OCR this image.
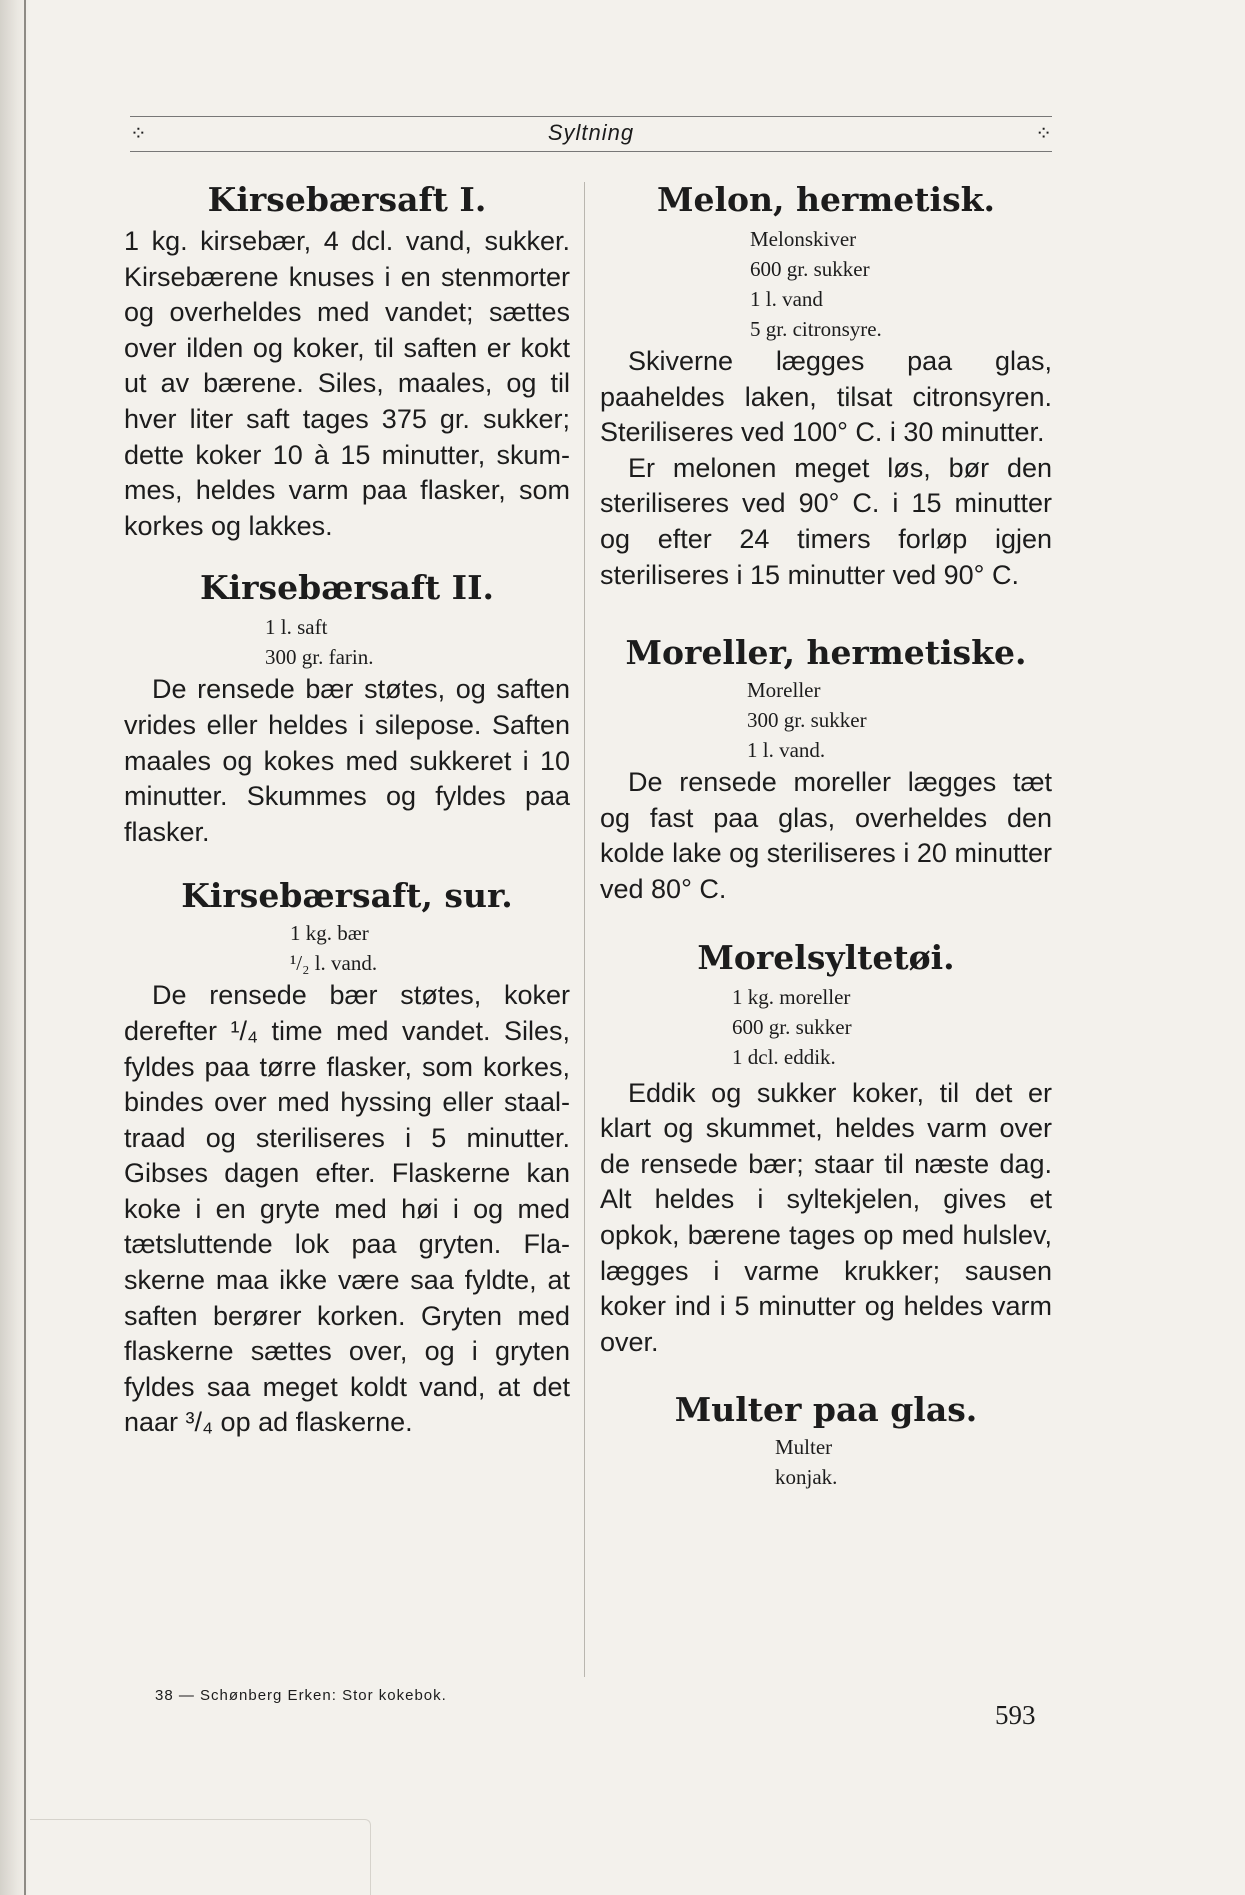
⁘	Syltning	⁘
Kirsebærsaft I.

1 kg. kirsebær, 4 dcl. vand, sukker. Kirsebærene knuses i en stenmorter og overheldes med vandet; sættes over ilden og koker, til saften er kokt ut av bærene. Siles, maales, og til hver liter saft tages 375 gr. sukker; dette koker 10 à 15 minutter, skummes, heldes varm paa flasker, som korkes og lakkes.

Kirsebærsaft II.

1 l. saft

300 gr. farin.

De rensede bær støtes, og saften vrides eller heldes i silepose. Saften maales og kokes med sukkeret i 10 minutter. Skummes og fyldes paa flasker.

Kirsebærsaft, sur.

1 kg. bær

¹/₂ l. vand.

De rensede bær støtes, koker derefter ¹/₄ time med vandet. Siles, fyldes paa tørre flasker, som korkes, bindes over med hyssing eller staaltraad og steriliseres i 5 minutter. Gibses dagen efter. Flaskerne kan koke i en gryte med høi i og med tætsluttende lok paa gryten. Flaskerne maa ikke være saa fyldte, at saften berører korken. Gryten med flaskerne sættes over, og i gryten fyldes saa meget koldt vand, at det naar ³/₄ op ad flaskerne.

Melon, hermetisk.

Melonskiver

600 gr. sukker

1 l. vand

5 gr. citronsyre.

Skiverne lægges paa glas, paaheldes laken, tilsat citronsyren. Steriliseres ved 100° C. i 30 minutter.

Er melonen meget løs, bør den steriliseres ved 90° C. i 15 minutter og efter 24 timers forløp igjen steriliseres i 15 minutter ved 90° C.

Moreller, hermetiske.

Moreller

300 gr. sukker

1 l. vand.

De rensede moreller lægges tæt og fast paa glas, overheldes den kolde lake og steriliseres i 20 minutter ved 80° C.

Morelsyltetøi.

1 kg. moreller

600 gr. sukker

1 dcl. eddik.

Eddik og sukker koker, til det er klart og skummet, heldes varm over de rensede bær; staar til næste dag. Alt heldes i syltekjelen, gives et opkok, bærene tages op med hulslev, lægges i varme krukker; sausen koker ind i 5 minutter og heldes varm over.

Multer paa glas.

Multer

konjak.

38 — Schønberg Erken: Stor kokebok.
593
